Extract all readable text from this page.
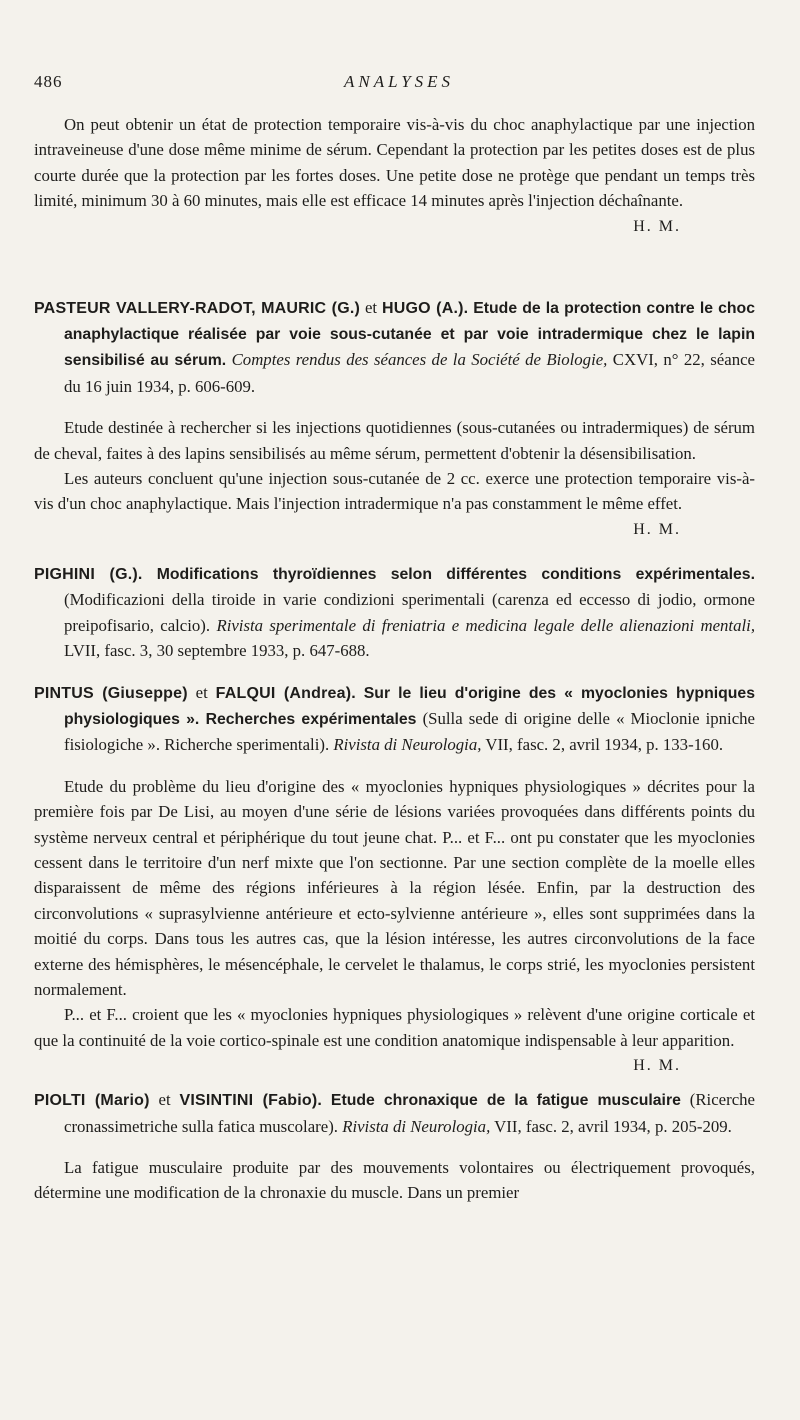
486	ANALYSES

On peut obtenir un état de protection temporaire vis-à-vis du choc anaphylactique par une injection intraveineuse d'une dose même minime de sérum. Cependant la protection par les petites doses est de plus courte durée que la protection par les fortes doses. Une petite dose ne protège que pendant un temps très limité, minimum 30 à 60 minutes, mais elle est efficace 14 minutes après l'injection déchaînante.

H. M.

PASTEUR VALLERY-RADOT, MAURIC (G.) et HUGO (A.). Etude de la protection contre le choc anaphylactique réalisée par voie sous-cutanée et par voie intradermique chez le lapin sensibilisé au sérum. Comptes rendus des séances de la Société de Biologie, CXVI, n° 22, séance du 16 juin 1934, p. 606-609.

Etude destinée à rechercher si les injections quotidiennes (sous-cutanées ou intradermiques) de sérum de cheval, faites à des lapins sensibilisés au même sérum, permettent d'obtenir la désensibilisation.

Les auteurs concluent qu'une injection sous-cutanée de 2 cc. exerce une protection temporaire vis-à-vis d'un choc anaphylactique. Mais l'injection intradermique n'a pas constamment le même effet.
H. M.

PIGHINI (G.). Modifications thyroïdiennes selon différentes conditions expérimentales. (Modificazioni della tiroide in varie condizioni sperimentali (carenza ed eccesso di jodio, ormone preipofisario, calcio). Rivista sperimentale di freniatria e medicina legale delle alienazioni mentali, LVII, fasc. 3, 30 septembre 1933, p. 647-688.

PINTUS (Giuseppe) et FALQUI (Andrea). Sur le lieu d'origine des « myoclonies hypniques physiologiques ». Recherches expérimentales (Sulla sede di origine delle « Mioclonie ipniche fisiologiche ». Richerche sperimentali). Rivista di Neurologia, VII, fasc. 2, avril 1934, p. 133-160.

Etude du problème du lieu d'origine des « myoclonies hypniques physiologiques » décrites pour la première fois par De Lisi, au moyen d'une série de lésions variées provoquées dans différents points du système nerveux central et périphérique du tout jeune chat. P... et F... ont pu constater que les myoclonies cessent dans le territoire d'un nerf mixte que l'on sectionne. Par une section complète de la moelle elles disparaissent de même des régions inférieures à la région lésée. Enfin, par la destruction des circonvolutions « suprasylvienne antérieure et ecto-sylvienne antérieure », elles sont supprimées dans la moitié du corps. Dans tous les autres cas, que la lésion intéresse, les autres circonvolutions de la face externe des hémisphères, le mésencéphale, le cervelet le thalamus, le corps strié, les myoclonies persistent normalement.

P... et F... croient que les « myoclonies hypniques physiologiques » relèvent d'une origine corticale et que la continuité de la voie cortico-spinale est une condition anatomique indispensable à leur apparition.
H. M.

PIOLTI (Mario) et VISINTINI (Fabio). Etude chronaxique de la fatigue musculaire (Ricerche cronassimetriche sulla fatica muscolare). Rivista di Neurologia, VII, fasc. 2, avril 1934, p. 205-209.

La fatigue musculaire produite par des mouvements volontaires ou électriquement provoqués, détermine une modification de la chronaxie du muscle. Dans un premier
